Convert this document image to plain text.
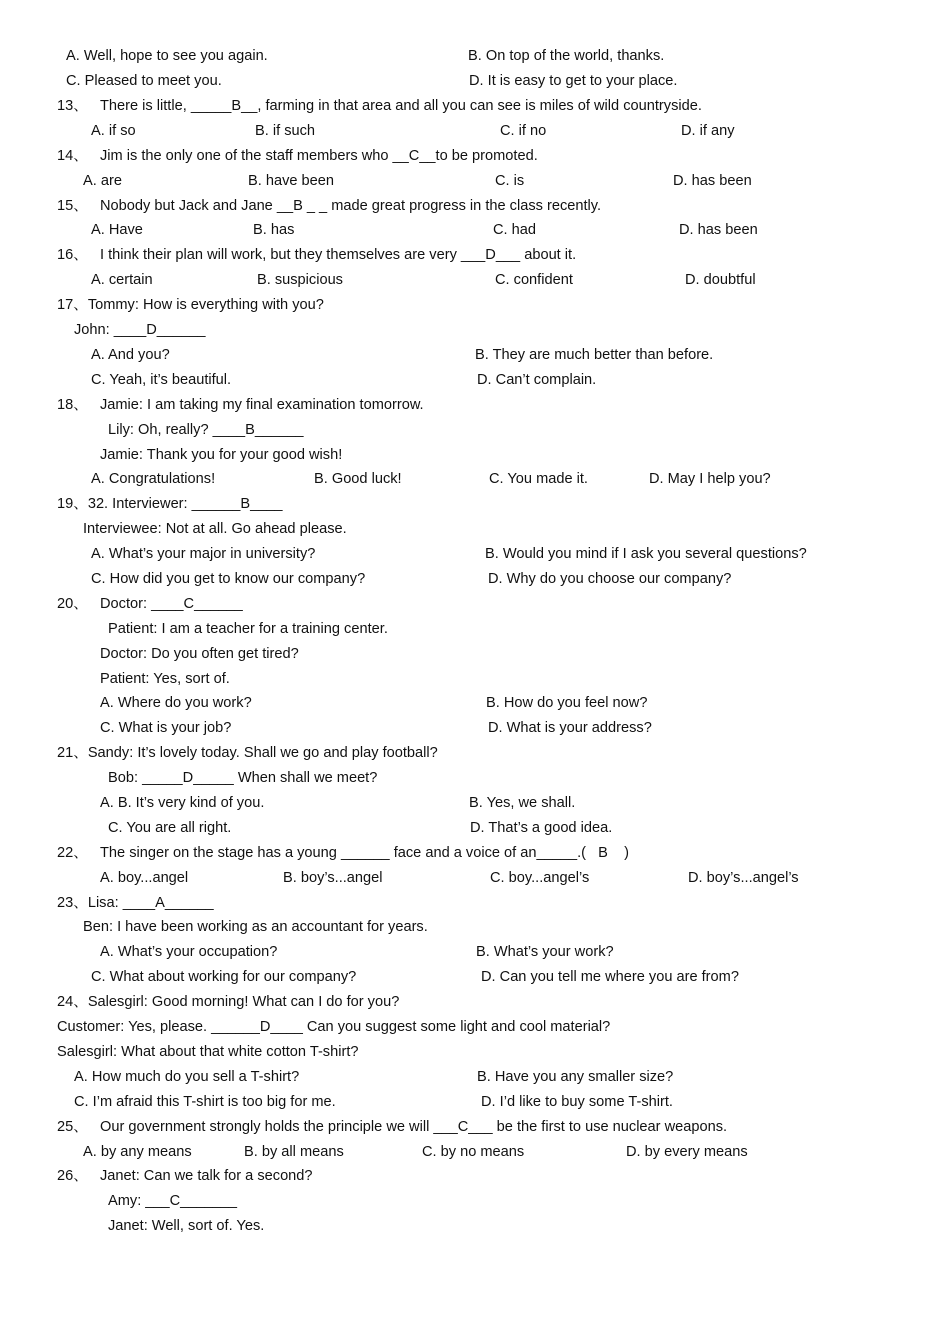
A. Well, hope to see you again.	B. On top of the world, thanks.
C. Pleased to meet you.	D. It is easy to get to your place.
13、   There is little, _____B__, farming in that area and all you can see is miles of wild countryside.
A. if so	B. if such	C. if no	D. if any
14、   Jim is the only one of the staff members who __C__to be promoted.
A. are	B. have been	C. is	D. has been
15、   Nobody but Jack and Jane __B _ _ made great progress in the class recently.
A. Have	B. has	C. had	D. has been
16、   I think their plan will work, but they themselves are very ___D___ about it.
A. certain	B. suspicious	C. confident	D. doubtful
17、Tommy: How is everything with you?
John: ____D______
A. And you?	B. They are much better than before.
C. Yeah, it’s beautiful.	D. Can’t complain.
18、   Jamie: I am taking my final examination tomorrow.
Lily: Oh, really? ____B______
Jamie: Thank you for your good wish!
A. Congratulations!	B. Good luck!	C. You made it.	D. May I help you?
19、32. Interviewer: ______B____
Interviewee: Not at all. Go ahead please.
A. What’s your major in university?	B. Would you mind if I ask you several questions?
C. How did you get to know our company?	D. Why do you choose our company?
20、   Doctor: ____C______
Patient: I am a teacher for a training center.
Doctor: Do you often get tired?
Patient: Yes, sort of.
A. Where do you work?	B. How do you feel now?
C. What is your job?	D. What is your address?
21、Sandy: It’s lovely today. Shall we go and play football?
Bob: _____D_____ When shall we meet?
A. B. It’s very kind of you.	B. Yes, we shall.
C. You are all right.	D. That’s a good idea.
22、   The singer on the stage has a young ______ face and a voice of an_____.(   B    )
A. boy...angel	B. boy’s...angel	C. boy...angel’s	D. boy’s...angel’s
23、Lisa: ____A______
Ben: I have been working as an accountant for years.
A. What’s your occupation?	B. What’s your work?
C. What about working for our company?	D. Can you tell me where you are from?
24、Salesgirl: Good morning! What can I do for you?
Customer: Yes, please. ______D____ Can you suggest some light and cool material?
Salesgirl: What about that white cotton T-shirt?
A. How much do you sell a T-shirt?	B. Have you any smaller size?
C. I’m afraid this T-shirt is too big for me.	D. I’d like to buy some T-shirt.
25、   Our government strongly holds the principle we will ___C___ be the first to use nuclear weapons.
A. by any means	B. by all means	C. by no means	D. by every means
26、   Janet: Can we talk for a second?
Amy: ___C_______
Janet: Well, sort of. Yes.
